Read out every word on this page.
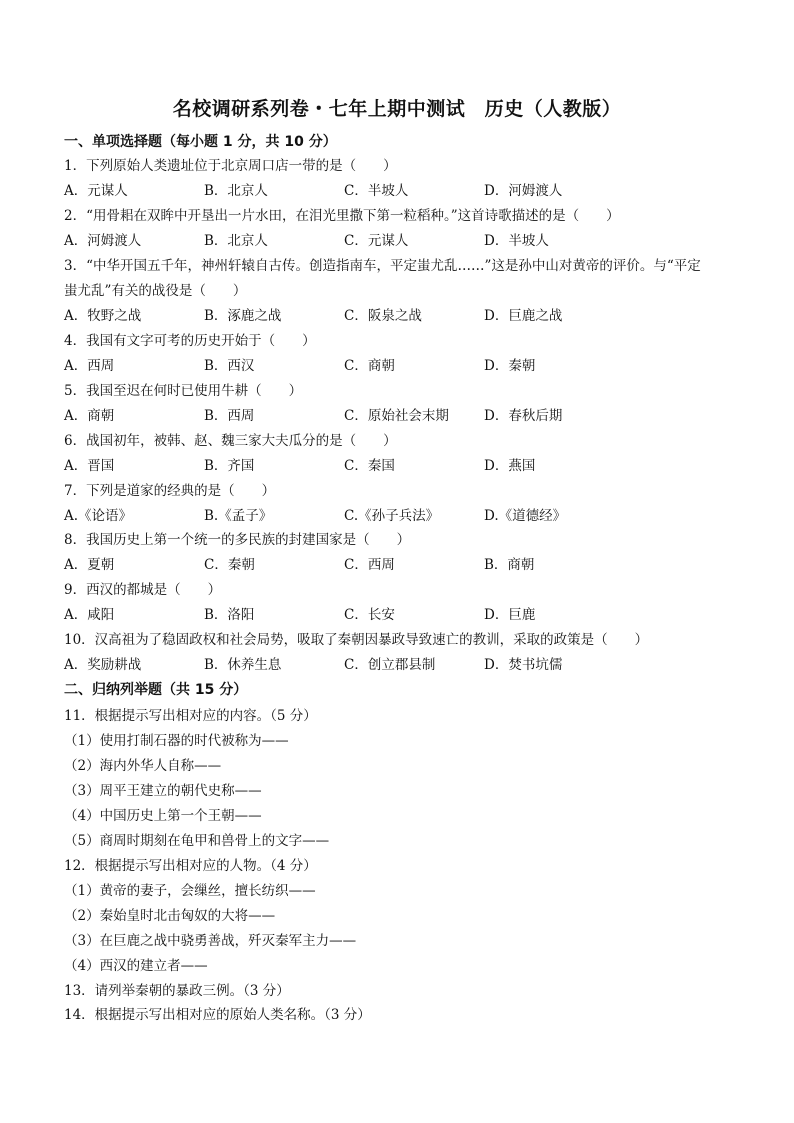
名校调研系列卷・七年上期中测试　历史（人教版）
一、单项选择题（每小题 1 分，共 10 分）
1．下列原始人类遗址位于北京周口店一带的是（　　）
A．元谋人	B．北京人	C．半坡人	D．河姆渡人
2．“用骨耜在双眸中开垦出一片水田，在泪光里撒下第一粒稻种。”这首诗歌描述的是（　　）
A．河姆渡人	B．北京人	C．元谋人	D．半坡人
3．“中华开国五千年，神州轩辕自古传。创造指南车，平定蚩尤乱……”这是孙中山对黄帝的评价。与“平定
蚩尤乱”有关的战役是（　　）
A．牧野之战	B．涿鹿之战	C．阪泉之战	D．巨鹿之战
4．我国有文字可考的历史开始于（　　）
A．西周	B．西汉	C．商朝	D．秦朝
5．我国至迟在何时已使用牛耕（　　）
A．商朝	B．西周	C．原始社会末期	D．春秋后期
6．战国初年，被韩、赵、魏三家大夫瓜分的是（　　）
A．晋国	B．齐国	C．秦国	D．燕国
7．下列是道家的经典的是（　　）
A.《论语》	B.《孟子》	C.《孙子兵法》	D.《道德经》
8．我国历史上第一个统一的多民族的封建国家是（　　）
A．夏朝	C．秦朝	C．西周	B．商朝
9．西汉的都城是（　　）
A．咸阳	B．洛阳	C．长安	D．巨鹿
10．汉高祖为了稳固政权和社会局势，吸取了秦朝因暴政导致速亡的教训，采取的政策是（　　）
A．奖励耕战	B．休养生息	C．创立郡县制	D．焚书坑儒
二、归纳列举题（共 15 分）
11．根据提示写出相对应的内容。（5 分）
（1）使用打制石器的时代被称为——
（2）海内外华人自称——
（3）周平王建立的朝代史称——
（4）中国历史上第一个王朝——
（5）商周时期刻在龟甲和兽骨上的文字——
12．根据提示写出相对应的人物。（4 分）
（1）黄帝的妻子，会缫丝，擅长纺织——
（2）秦始皇时北击匈奴的大将——
（3）在巨鹿之战中骁勇善战，歼灭秦军主力——
（4）西汉的建立者——
13．请列举秦朝的暴政三例。（3 分）
14．根据提示写出相对应的原始人类名称。（3 分）
